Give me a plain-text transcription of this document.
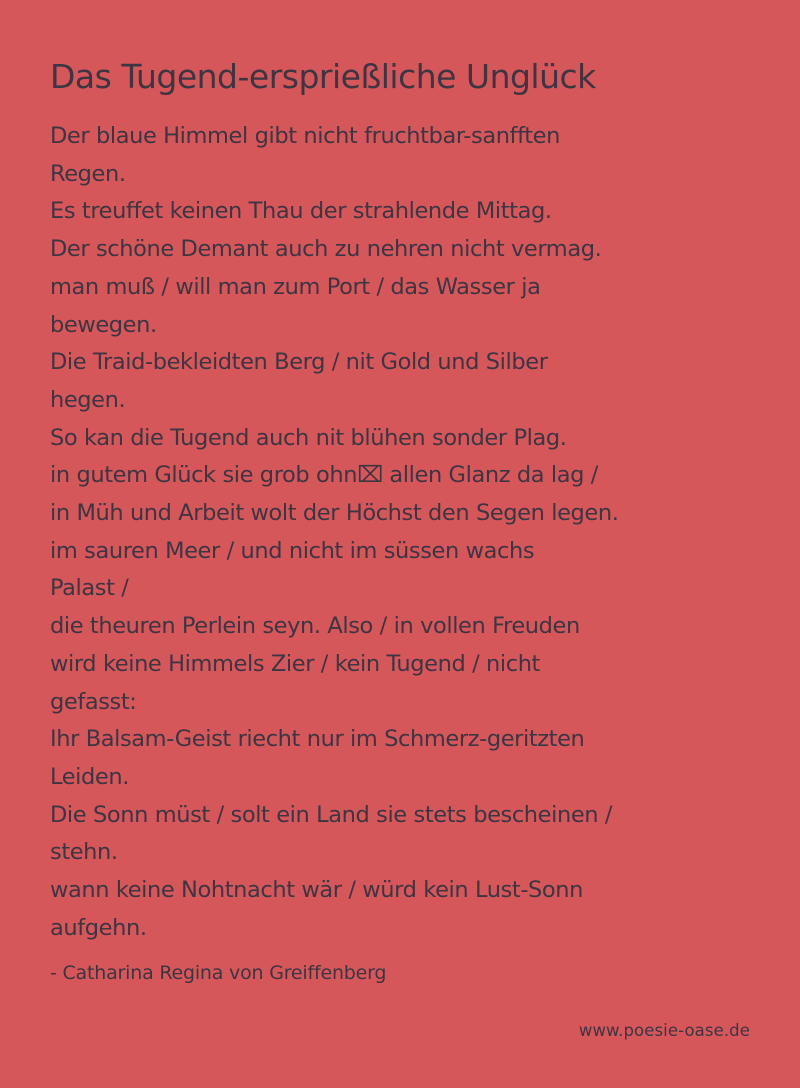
Das Tugend-ersprießliche Unglück
Der blaue Himmel gibt nicht fruchtbar-sanfften
Regen.
Es treuffet keinen Thau der strahlende Mittag.
Der schöne Demant auch zu nehren nicht vermag.
man muß / will man zum Port / das Wasser ja
bewegen.
Die Traid-bekleidten Berg / nit Gold und Silber
hegen.
So kan die Tugend auch nit blühen sonder Plag.
in gutem Glück sie grob ohn⌧ allen Glanz da lag /
in Müh und Arbeit wolt der Höchst den Segen legen.
im sauren Meer / und nicht im süssen wachs
Palast /
die theuren Perlein seyn. Also / in vollen Freuden
wird keine Himmels Zier / kein Tugend / nicht
gefasst:
Ihr Balsam-Geist riecht nur im Schmerz-geritzten
Leiden.
Die Sonn müst / solt ein Land sie stets bescheinen /
stehn.
wann keine Nohtnacht wär / würd kein Lust-Sonn
aufgehn.
- Catharina Regina von Greiffenberg
www.poesie-oase.de
